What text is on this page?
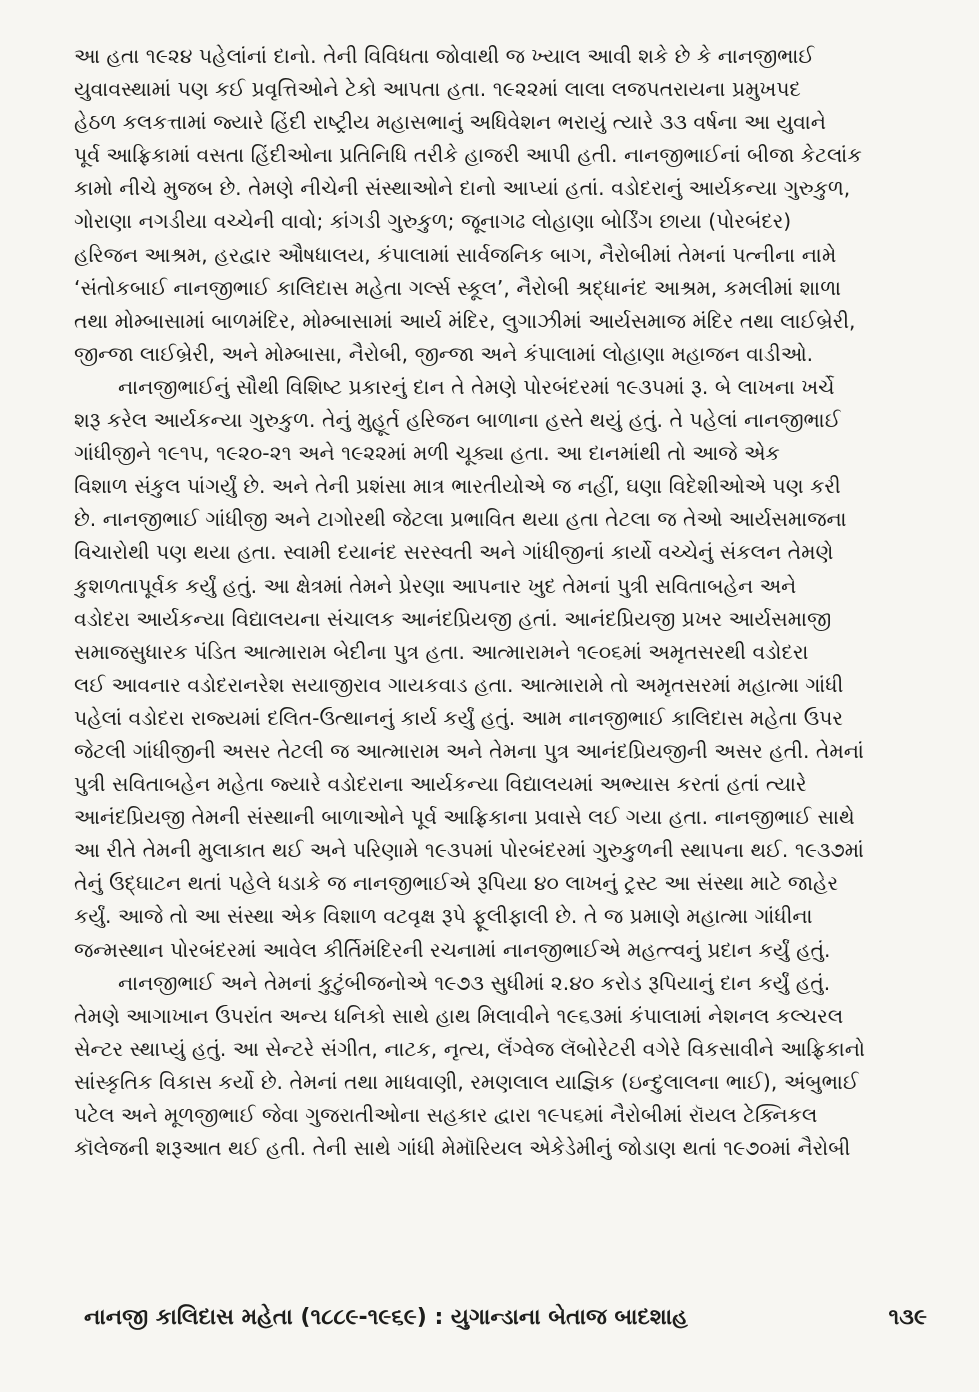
આ હતા ૧૯૨૪ પહેલાંનાં દાનો. તેની વિવિધતા જોવાથી જ ખ્યાલ આવી શકે છે કે નાનજીભાઈ
યુવાવસ્થામાં પણ કઈ પ્રવૃત્તિઓને ટેકો આપતા હતા. ૧૯૨૨માં લાલા લજપતરાયના પ્રમુખપદ
હેઠળ કલકત્તામાં જ્યારે હિંદી રાષ્ટ્રીય મહાસભાનું અધિવેશન ભરાયું ત્યારે ૩૩ વર્ષના આ યુવાને
પૂર્વ આફ્રિકામાં વસતા હિંદીઓના પ્રતિનિધિ તરીકે હાજરી આપી હતી. નાનજીભાઈનાં બીજા કેટલાંક
કામો નીચે મુજબ છે. તેમણે નીચેની સંસ્થાઓને દાનો આપ્યાં હતાં. વડોદરાનું આર્યકન્યા ગુરુકુળ,
ગોરાણા નગડીયા વચ્ચેની વાવો; કાંગડી ગુરુકુળ; જૂનાગઢ લોહાણા બોર્ડિંગ છાયા (પોરબંદર)
હરિજન આશ્રમ, હરદ્વાર ઔષધાલય, કંપાલામાં સાર્વજનિક બાગ, નૈરોબીમાં તેમનાં પત્નીના નામે
‘સંતોકબાઈ નાનજીભાઈ કાલિદાસ મહેતા ગર્લ્સ સ્કૂલ’, નૈરોબી શ્રદ્ધાનંદ આશ્રમ, કમલીમાં શાળા
તથા મોમ્બાસામાં બાળમંદિર, મોમ્બાસામાં આર્ય મંદિર, લુગાઝીમાં આર્યસમાજ મંદિર તથા લાઈબ્રેરી,
જીન્જા લાઈબ્રેરી, અને મોમ્બાસા, નૈરોબી, જીન્જા અને કંપાલામાં લોહાણા મહાજન વાડીઓ.
નાનજીભાઈનું સૌથી વિશિષ્ટ પ્રકારનું દાન તે તેમણે પોરબંદરમાં ૧૯૩૫માં રૂ. બે લાખના ખર્ચે
શરૂ કરેલ આર્યકન્યા ગુરુકુળ. તેનું મુહૂર્ત હરિજન બાળાના હસ્તે થયું હતું. તે પહેલાં નાનજીભાઈ
ગાંધીજીને ૧૯૧૫, ૧૯૨૦-૨૧ અને ૧૯૨૨માં મળી ચૂક્યા હતા. આ દાનમાંથી તો આજે એક
વિશાળ સંકુલ પાંગર્યું છે. અને તેની પ્રશંસા માત્ર ભારતીયોએ જ નહીં, ઘણા વિદેશીઓએ પણ કરી
છે. નાનજીભાઈ ગાંધીજી અને ટાગોરથી જેટલા પ્રભાવિત થયા હતા તેટલા જ તેઓ આર્યસમાજના
વિચારોથી પણ થયા હતા. સ્વામી દયાનંદ સરસ્વતી અને ગાંધીજીનાં કાર્યો વચ્ચેનું સંકલન તેમણે
કુશળતાપૂર્વક કર્યું હતું. આ ક્ષેત્રમાં તેમને પ્રેરણા આપનાર ખુદ તેમનાં પુત્રી સવિતાબહેન અને
વડોદરા આર્યકન્યા વિદ્યાલયના સંચાલક આનંદપ્રિયજી હતાં. આનંદપ્રિયજી પ્રખર આર્યસમાજી
સમાજસુધારક પંડિત આત્મારામ બેદીના પુત્ર હતા. આત્મારામને ૧૯૦૬માં અમૃતસરથી વડોદરા
લઈ આવનાર વડોદરાનરેશ સયાજીરાવ ગાયકવાડ હતા. આત્મારામે તો અમૃતસરમાં મહાત્મા ગાંધી
પહેલાં વડોદરા રાજ્યમાં દલિત-ઉત્થાનનું કાર્ય કર્યું હતું. આમ નાનજીભાઈ કાલિદાસ મહેતા ઉપર
જેટલી ગાંધીજીની અસર તેટલી જ આત્મારામ અને તેમના પુત્ર આનંદપ્રિયજીની અસર હતી. તેમનાં
પુત્રી સવિતાબહેન મહેતા જ્યારે વડોદરાના આર્યકન્યા વિદ્યાલયમાં અભ્યાસ કરતાં હતાં ત્યારે
આનંદપ્રિયજી તેમની સંસ્થાની બાળાઓને પૂર્વ આફ્રિકાના પ્રવાસે લઈ ગયા હતા. નાનજીભાઈ સાથે
આ રીતે તેમની મુલાકાત થઈ અને પરિણામે ૧૯૩૫માં પોરબંદરમાં ગુરુકુળની સ્થાપના થઈ. ૧૯૩૭માં
તેનું ઉદ્‌ઘાટન થતાં પહેલે ધડાકે જ નાનજીભાઈએ રૂપિયા ૪૦ લાખનું ટ્રસ્ટ આ સંસ્થા માટે જાહેર
કર્યું. આજે તો આ સંસ્થા એક વિશાળ વટવૃક્ષ રૂપે ફૂલીફાલી છે. તે જ પ્રમાણે મહાત્મા ગાંધીના
જન્મસ્થાન પોરબંદરમાં આવેલ કીર્તિમંદિરની રચનામાં નાનજીભાઈએ મહત્ત્વનું પ્રદાન કર્યું હતું.
નાનજીભાઈ અને તેમનાં કુટુંબીજનોએ ૧૯૭૩ સુધીમાં ૨.૪૦ કરોડ રૂપિયાનું દાન કર્યું હતું.
તેમણે આગાખાન ઉપરાંત અન્ય ધનિકો સાથે હાથ મિલાવીને ૧૯૬૩માં કંપાલામાં નેશનલ કલ્ચરલ
સેન્ટર સ્થાપ્યું હતું. આ સેન્ટરે સંગીત, નાટક, નૃત્ય, લૅંગ્વેજ લૅબોરેટરી વગેરે વિકસાવીને આફ્રિકાનો
સાંસ્કૃતિક વિકાસ કર્યો છે. તેમનાં તથા માધવાણી, રમણલાલ યાજ્ઞિક (ઇન્દુલાલના ભાઈ), અંબુભાઈ
પટેલ અને મૂળજીભાઈ જેવા ગુજરાતીઓના સહકાર દ્વારા ૧૯૫૬માં નૈરોબીમાં રૉયલ ટેક્નિકલ
કૉલેજની શરૂઆત થઈ હતી. તેની સાથે ગાંધી મેમૉરિયલ એકેડેમીનું જોડાણ થતાં ૧૯૭૦માં નૈરોબી
નાનજી કાલિદાસ મહેતા (૧૮૮૯-૧૯૬૯) : યુગાન્ડાના બેતાજ બાદશાહ	૧૩૯
